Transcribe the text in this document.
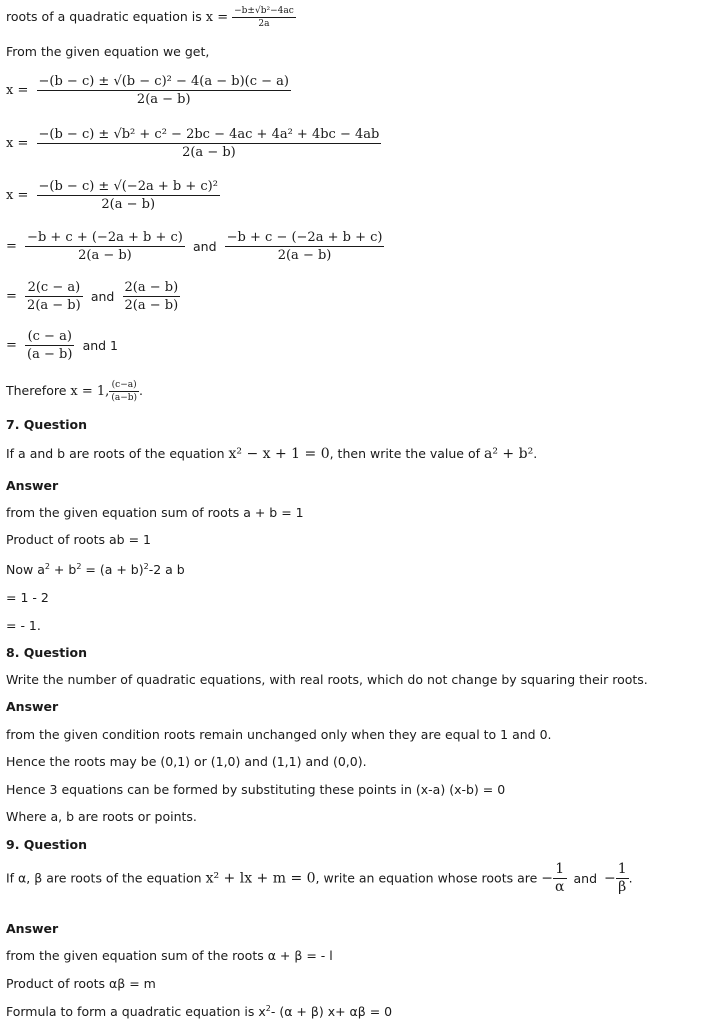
roots of a quadratic equation is $x = \frac{\text{−b±√b²−4ac}}{2a}$
From the given equation we get,
$x = \frac{\text{−(b − c) ± √(b − c)² − 4(a − b)(c − a)}}{2(a - b)}$
$x = \frac{\text{−(b − c) ± √b² + c² − 2bc − 4ac + 4a² + 4bc − 4ab}}{2(a - b)}$
$x = \frac{\text{−(b − c) ± √(−2a + b + c)²}}{2(a - b)}$
= $\frac{-b + c + (-2a + b + c)}{2(a - b)}$ and $\frac{-b + c - (-2a + b + c)}{2(a - b)}$
= $\frac{2(c - a)}{2(a - b)}$ and $\frac{2(a - b)}{2(a - b)}$
= $\frac{(c - a)}{(a - b)}$ and 1
Therefore x = 1, $\frac{(c-a)}{(a-b)}$ .
7. Question
If a and b are roots of the equation x² − x + 1 = 0, then write the value of a² + b².
Answer
from the given equation sum of roots a + b = 1
Product of roots ab = 1
Now $a^2 + b^2 = (a + b)^2-2$ a b
= 1 - 2
= - 1.
8. Question
Write the number of quadratic equations, with real roots, which do not change by squaring their roots.
Answer
from the given condition roots remain unchanged only when they are equal to 1 and 0.
Hence the roots may be (0,1) or (1,0) and (1,1) and (0,0).
Hence 3 equations can be formed by substituting these points in (x-a) (x-b) = 0
Where a, b are roots or points.
9. Question
If α, β are roots of the equation x² + lx + m = 0, write an equation whose roots are − $\frac{1}{\alpha}$ and − $\frac{1}{\beta}$ .
Answer
from the given equation sum of the roots α + β = - l
Product of roots αβ = m
Formula to form a quadratic equation is $x^2-$ (α + β) x+ αβ = 0
